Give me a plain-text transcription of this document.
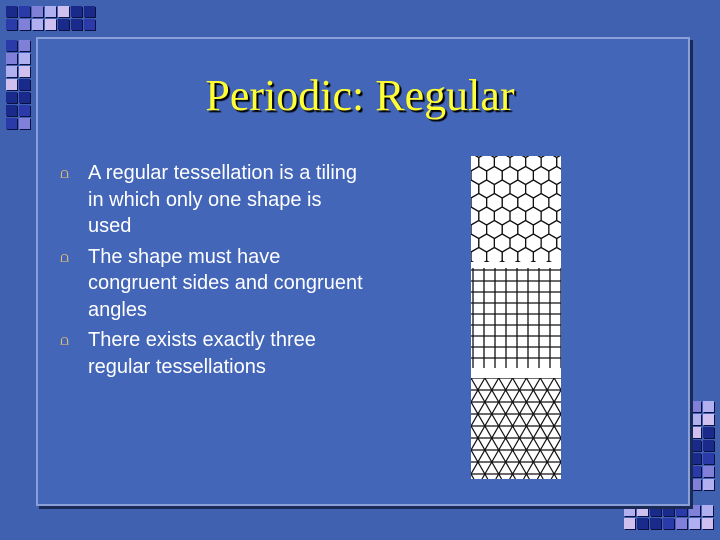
Periodic: Regular
⩍ A regular tessellation is a tiling in which only one shape is used
⩍ The shape must have congruent sides and congruent angles
⩍ There exists exactly three regular tessellations
